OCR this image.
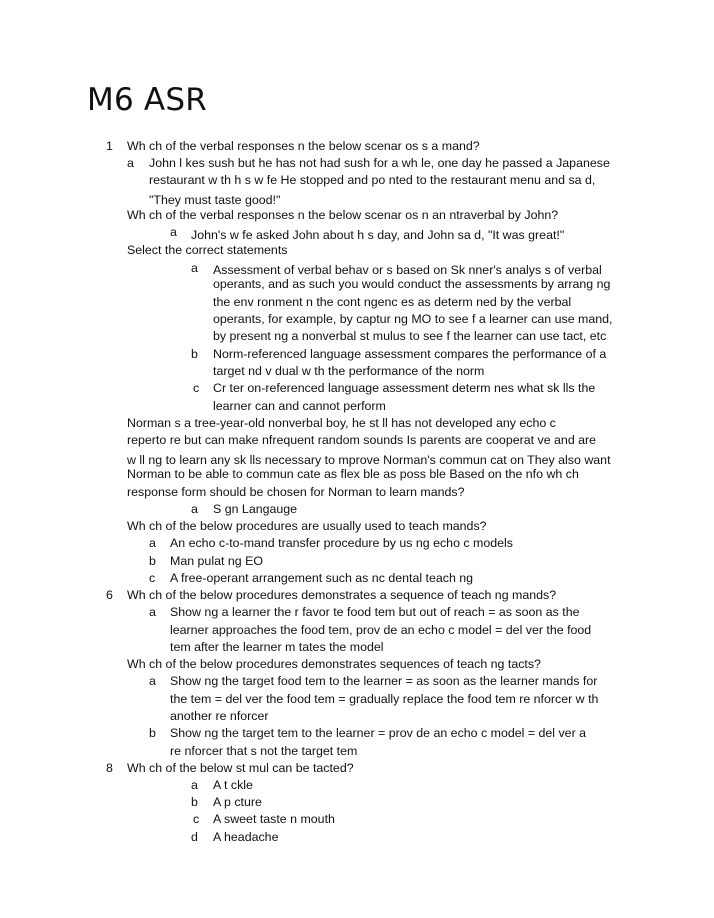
M6 ASR
1 Wh ch of the verbal responses n the below scenar os s a mand?
a John l kes sush but he has not had sush for a wh le, one day he passed a Japanese
restaurant w th h s w fe He stopped and po nted to the restaurant menu and sa d,
"They must taste good!"
Wh ch of the verbal responses n the below scenar os n an ntraverbal by John?
a John's w fe asked John about h s day, and John sa d, "It was great!"
Select the correct statements
a Assessment of verbal behav or s based on Sk nner's analys s of verbal
operants, and as such you would conduct the assessments by arrang ng
the env ronment n the cont ngenc es as determ ned by the verbal
operants, for example, by captur ng MO to see f a learner can use mand,
by present ng a nonverbal st mulus to see f the learner can use tact, etc
b Norm-referenced language assessment compares the performance of a
target nd v dual w th the performance of the norm
c Cr ter on-referenced language assessment determ nes what sk lls the
learner can and cannot perform
Norman s a tree-year-old nonverbal boy, he st ll has not developed any echo c
reperto re but can make nfrequent random sounds Is parents are cooperat ve and are
w ll ng to learn any sk lls necessary to mprove Norman's commun cat on They also want
Norman to be able to commun cate as flex ble as poss ble Based on the nfo wh ch
response form should be chosen for Norman to learn mands?
a S gn Langauge
Wh ch of the below procedures are usually used to teach mands?
a An echo c-to-mand transfer procedure by us ng echo c models
b Man pulat ng EO
c A free-operant arrangement such as nc dental teach ng
6 Wh ch of the below procedures demonstrates a sequence of teach ng mands?
a Show ng a learner the r favor te food tem but out of reach = as soon as the
learner approaches the food tem, prov de an echo c model = del ver the food
tem after the learner m tates the model
Wh ch of the below procedures demonstrates sequences of teach ng tacts?
a Show ng the target food tem to the learner = as soon as the learner mands for
the tem = del ver the food tem = gradually replace the food tem re nforcer w th
another re nforcer
b Show ng the target tem to the learner = prov de an echo c model = del ver a
re nforcer that s not the target tem
8 Wh ch of the below st mul can be tacted?
a A t ckle
b A p cture
c A sweet taste n mouth
d A headache
